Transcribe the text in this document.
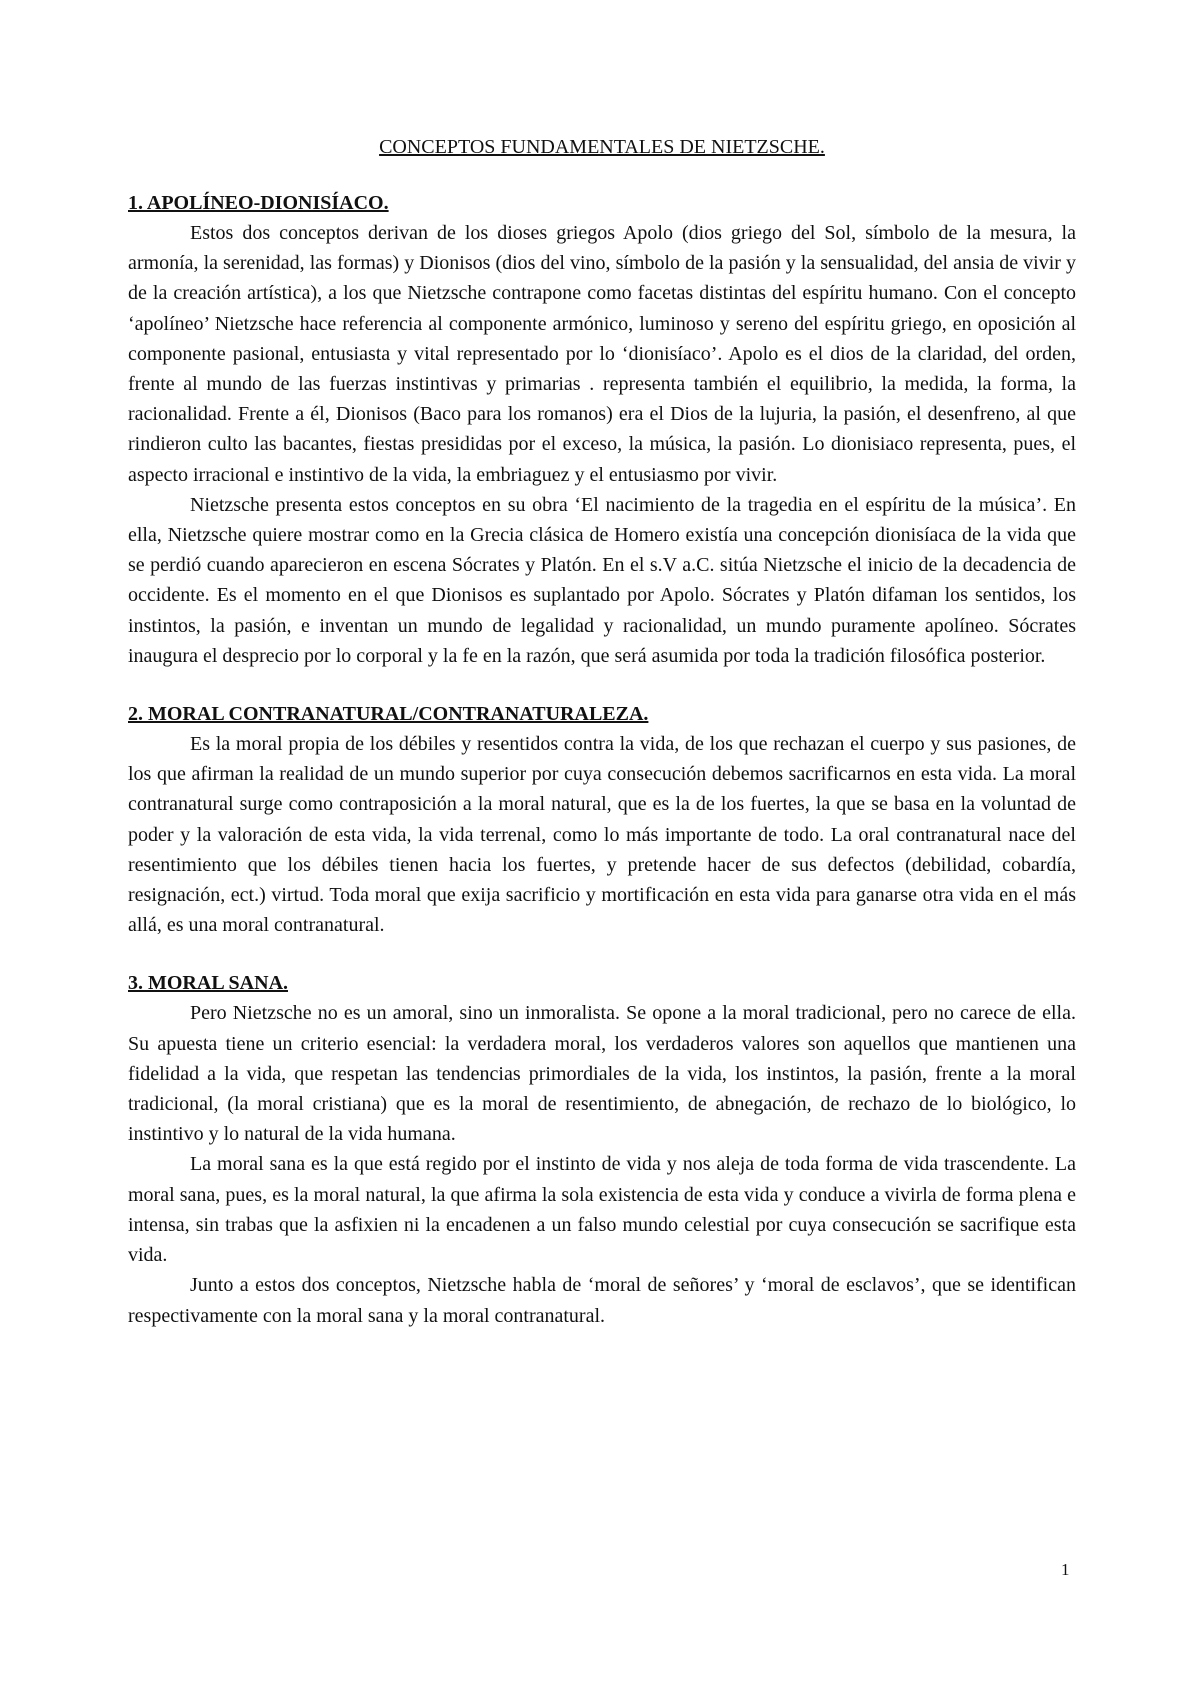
CONCEPTOS FUNDAMENTALES DE NIETZSCHE.
1. APOLÍNEO-DIONISÍACO.

Estos dos conceptos derivan de los dioses griegos Apolo (dios griego del Sol, símbolo de la mesura, la armonía, la serenidad, las formas) y Dionisos (dios del vino, símbolo de la pasión y la sensualidad, del ansia de vivir y de la creación artística), a los que Nietzsche contrapone como facetas distintas del espíritu humano. Con el concepto ‘apolíneo’ Nietzsche hace referencia al componente armónico, luminoso y sereno del espíritu griego, en oposición al componente pasional, entusiasta y vital representado por lo ‘dionisíaco’. Apolo es el dios de la claridad, del orden, frente al mundo de las fuerzas instintivas y primarias . representa también el equilibrio, la medida, la forma, la racionalidad. Frente a él, Dionisos (Baco para los romanos) era el Dios de la lujuria, la pasión, el desenfreno, al que rindieron culto las bacantes, fiestas presididas por el exceso, la música, la pasión. Lo dionisiaco representa, pues, el aspecto irracional e instintivo de la vida, la embriaguez y el entusiasmo por vivir.

Nietzsche presenta estos conceptos en su obra ‘El nacimiento de la tragedia en el espíritu de la música’. En ella, Nietzsche quiere mostrar como en la Grecia clásica de Homero existía una concepción dionisíaca de la vida que se perdió cuando aparecieron en escena Sócrates y Platón. En el s.V a.C. sitúa Nietzsche el inicio de la decadencia de occidente. Es el momento en el que Dionisos es suplantado por Apolo. Sócrates y Platón difaman los sentidos, los instintos, la pasión, e inventan un mundo de legalidad y racionalidad, un mundo puramente apolíneo. Sócrates inaugura el desprecio por lo corporal y la fe en la razón, que será asumida por toda la tradición filosófica posterior.

2. MORAL CONTRANATURAL/CONTRANATURALEZA.

Es la moral propia de los débiles y resentidos contra la vida, de los que rechazan el cuerpo y sus pasiones, de los que afirman la realidad de un mundo superior por cuya consecución debemos sacrificarnos en esta vida. La moral contranatural surge como contraposición a la moral natural, que es la de los fuertes, la que se basa en la voluntad de poder y la valoración de esta vida, la vida terrenal, como lo más importante de todo. La oral contranatural nace del resentimiento que los débiles tienen hacia los fuertes, y pretende hacer de sus defectos (debilidad, cobardía, resignación, ect.) virtud. Toda moral que exija sacrificio y mortificación en esta vida para ganarse otra vida en el más allá, es una moral contranatural.

3. MORAL SANA.

Pero Nietzsche no es un amoral, sino un inmoralista. Se opone a la moral tradicional, pero no carece de ella. Su apuesta tiene un criterio esencial: la verdadera moral, los verdaderos valores son aquellos que mantienen una fidelidad a la vida, que respetan las tendencias primordiales de la vida, los instintos, la pasión, frente a la moral tradicional, (la moral cristiana) que es la moral de resentimiento, de abnegación, de rechazo de lo biológico, lo instintivo y lo natural de la vida humana.

La moral sana es la que está regido por el instinto de vida y nos aleja de toda forma de vida trascendente. La moral sana, pues, es la moral natural, la que afirma la sola existencia de esta vida y conduce a vivirla de forma plena e intensa, sin trabas que la asfixien ni la encadenen a un falso mundo celestial por cuya consecución se sacrifique esta vida.

Junto a estos dos conceptos, Nietzsche habla de ‘moral de señores’ y ‘moral de esclavos’, que se identifican respectivamente con la moral sana y la moral contranatural.

1
